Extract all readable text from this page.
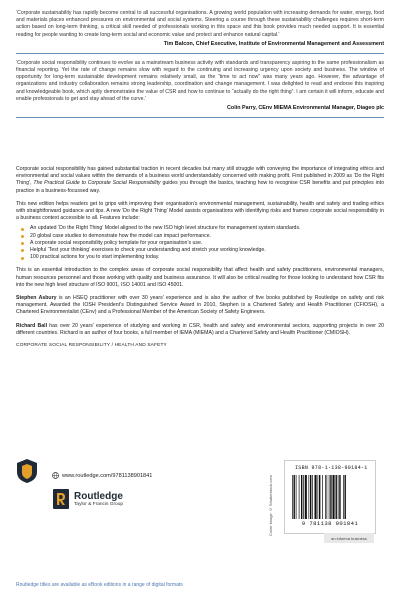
‘Corporate sustainability has rapidly become central to all successful organisations. A growing world population with increasing demands for water, energy, food and materials places enhanced pressures on environmental and social systems. Steering a course through these sustainability challenges requires short-term action based on long-term thinking, a critical skill needed of professionals working in this space and this book provides much needed support. It is essential reading for people wanting to create long-term social and economic value and protect and enhance natural capital.’

Tim Balcon, Chief Executive, Institute of Environmental Management and Assessment

‘Corporate social responsibility continues to evolve as a mainstream business activity with standards and transparency aspiring to the same professionalism as financial reporting. Yet the rate of change remains slow with regard to the continuing and increasing urgency upon society and business. The window of opportunity for long-term sustainable development remains relatively small, as the “time to act now” was many years ago. However, the advantage of organizations and industry collaboration remains strong leadership, coordination and change management. I was delighted to read and endorse this inspiring and knowledgeable book, which aptly demonstrates the value of CSR and how to continue to “actually do the right thing”. I am certain it will inform, educate and enable professionals to get and stay ahead of the curve.’

Colin Parry, CEnv MIEMA Environmental Manager, Diageo plc

Corporate social responsibility has gained substantial traction in recent decades but many still struggle with conveying the importance of integrating ethics and environmental and social values within the demands of a business world understandably concerned with making profit. First published in 2009 as ‘Do the Right Thing’, The Practical Guide to Corporate Social Responsibility guides you through the basics, teaching how to recognise CSR benefits and put principles into practice in a business-focussed way.

This new edition helps readers get to grips with improving their organisation’s environmental management, sustainability, health and safety and trading ethics with straightforward guidance and tips. A new ‘Do the Right Thing’ Model assists organisations with identifying risks and frames corporate social responsibility in a business context accessible to all. Features include:

An updated ‘Do the Right Thing’ Model aligned to the new ISO high level structure for management system standards.
20 global case studies to demonstrate how the model can impact performance.
A corporate social responsibility policy template for your organisation’s use.
Helpful ‘Test your thinking’ exercises to check your understanding and stretch your working knowledge.
100 practical actions for you to start implementing today.

This is an essential introduction to the complex areas of corporate social responsibility that affect health and safety practitioners, environmental managers, human resources personnel and those working with quality and business assurance. It will also be critical reading for those looking to understand how CSR fits into the new high level structure of ISO 9001, ISO 14001 and ISO 45001.

Stephen Asbury is an HSEQ practitioner with over 30 years’ experience and is also the author of five books published by Routledge on safety and risk management. Awarded the IOSH President’s Distinguished Service Award in 2010, Stephen is a Chartered Safety and Health Practitioner (CFIOSH), a Chartered Environmentalist (CEnv) and a Professional Member of the American Society of Safety Engineers.

Richard Ball has over 20 years’ experience of studying and working in CSR, health and safety and environmental sectors, supporting projects in over 20 different countries. Richard is an author of four books, a full member of IEMA (MIEMA) and a Chartered Safety and Health Practitioner (CMIOSH).

CORPORATE SOCIAL RESPONSIBILITY / HEALTH AND SAFETY
www.routledge.com/9781138901841
Routledge
Taylor & Francis Group
Routledge titles are available as eBook editions in a range of digital formats
Cover image © Shutterstock.com
ISBN 978-1-138-90184-1
9 781138 901841
an informa business
